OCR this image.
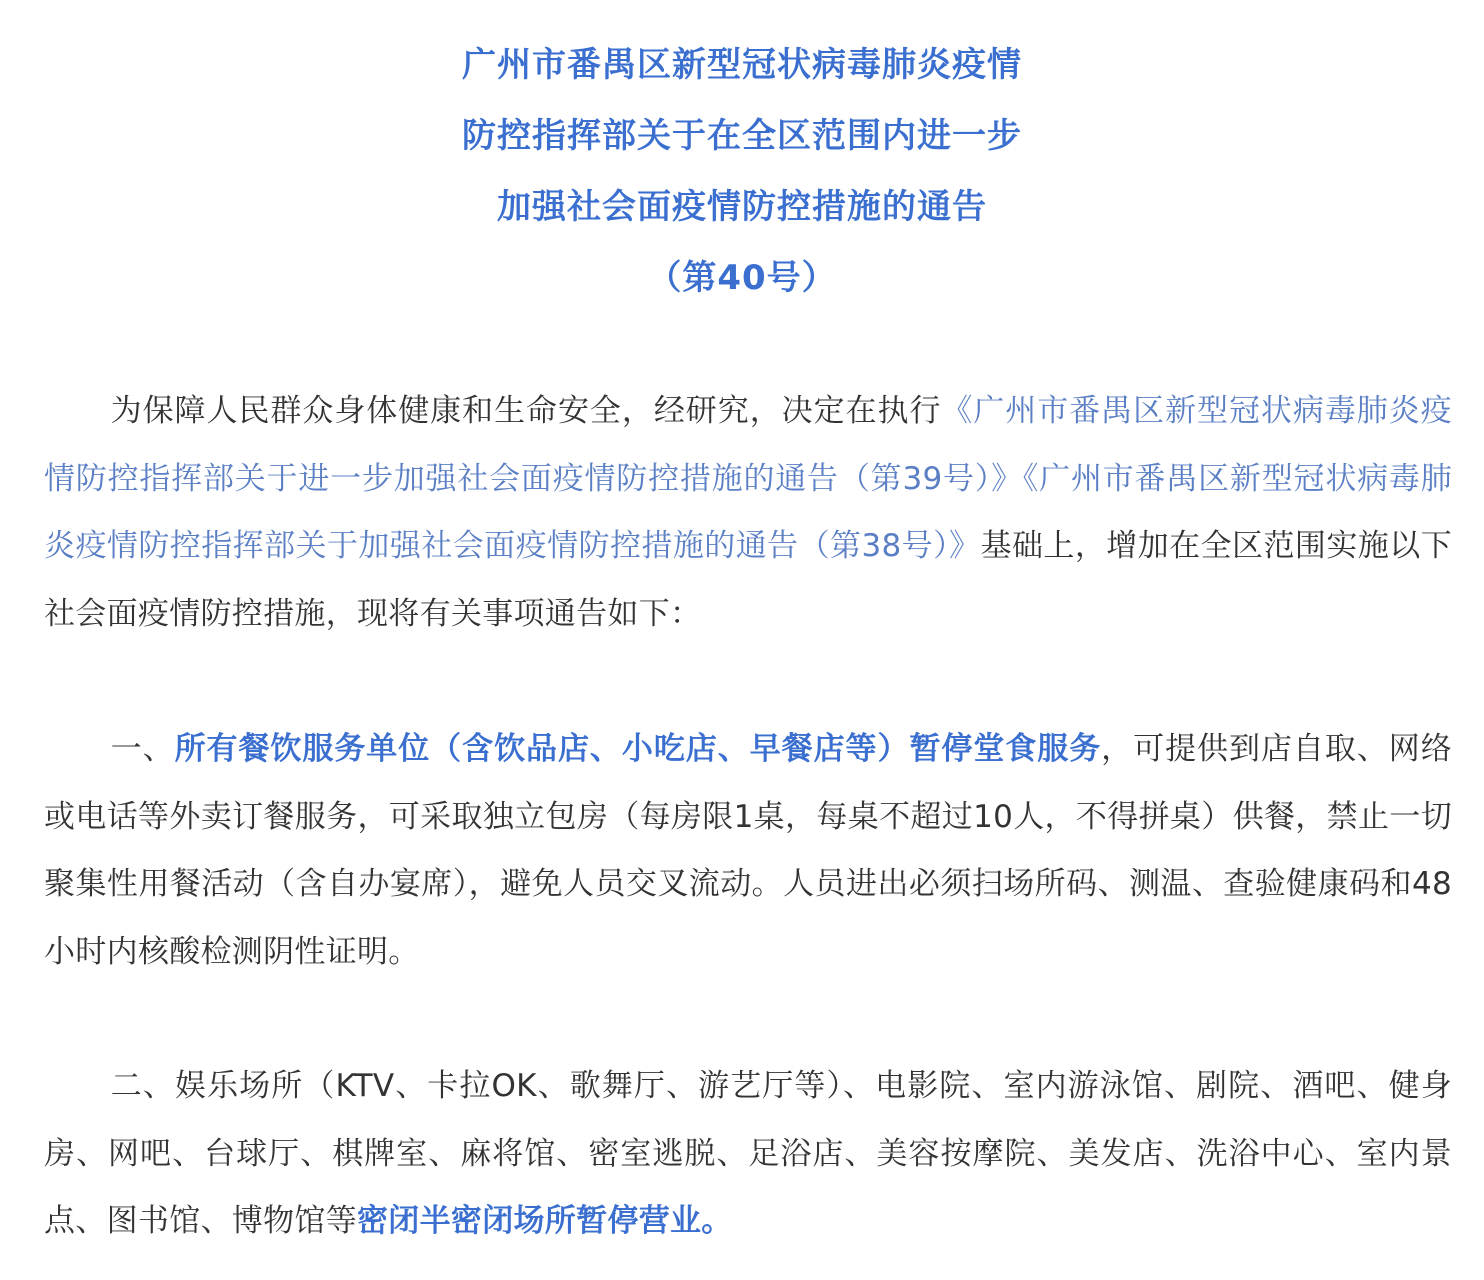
广州市番禺区新型冠状病毒肺炎疫情
防控指挥部关于在全区范围内进一步
加强社会面疫情防控措施的通告
（第40号）

为保障人民群众身体健康和生命安全，经研究，决定在执行《广州市番禺区新型冠状病毒肺炎疫情防控指挥部关于进一步加强社会面疫情防控措施的通告（第39号）》《广州市番禺区新型冠状病毒肺炎疫情防控指挥部关于加强社会面疫情防控措施的通告（第38号）》基础上，增加在全区范围实施以下社会面疫情防控措施，现将有关事项通告如下：

一、所有餐饮服务单位（含饮品店、小吃店、早餐店等）暂停堂食服务，可提供到店自取、网络或电话等外卖订餐服务，可采取独立包房（每房限1桌，每桌不超过10人，不得拼桌）供餐，禁止一切聚集性用餐活动（含自办宴席），避免人员交叉流动。人员进出必须扫场所码、测温、查验健康码和48小时内核酸检测阴性证明。

二、娱乐场所（KTV、卡拉OK、歌舞厅、游艺厅等）、电影院、室内游泳馆、剧院、酒吧、健身房、网吧、台球厅、棋牌室、麻将馆、密室逃脱、足浴店、美容按摩院、美发店、洗浴中心、室内景点、图书馆、博物馆等密闭半密闭场所暂停营业。
